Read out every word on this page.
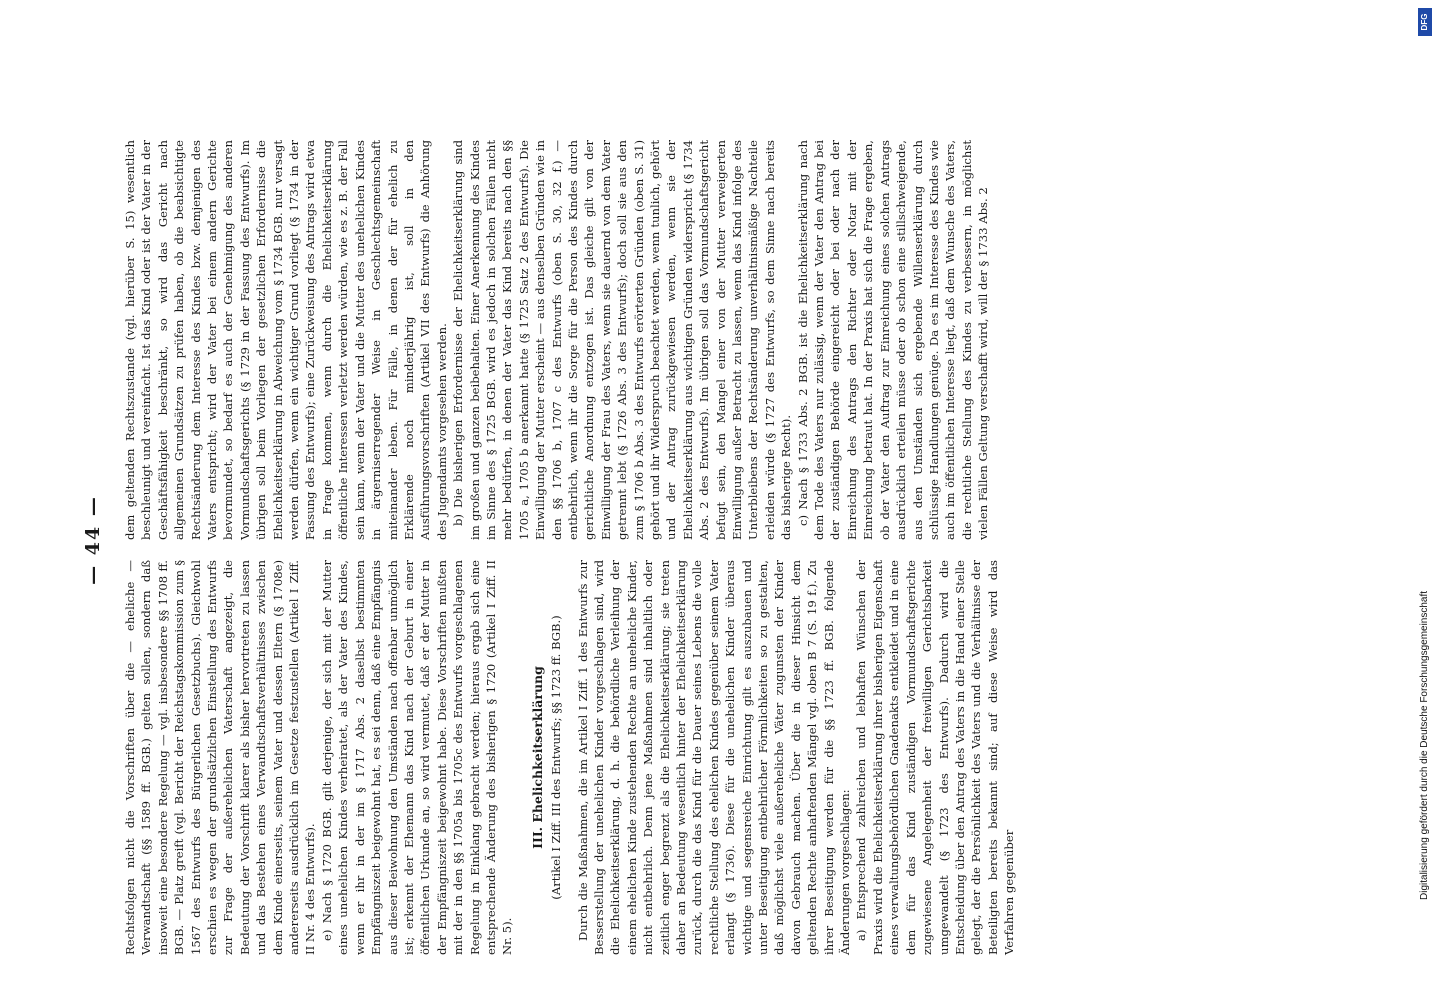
— 44 —

Rechtsfolgen nicht die Vorschriften über die — eheliche — Verwandtschaft (§§ 1589 ff. BGB.) gelten sollen, sondern daß insoweit eine besondere Regelung — vgl. insbesondere §§ 1708 ff. BGB. — Platz greift (vgl. Bericht der Reichstagskommission zum § 1567 des Entwurfs des Bürgerlichen Gesetzbuchs). Gleichwohl erschien es wegen der grundsätzlichen Einstellung des Entwurfs zur Frage der außerehelichen Vaterschaft angezeigt, die Bedeutung der Vorschrift klarer als bisher hervortreten zu lassen und das Bestehen eines Verwandtschaftsverhältnisses zwischen dem Kinde einerseits, seinem Vater und dessen Eltern (§ 1708e) andererseits ausdrücklich im Gesetze festzustellen (Artikel I Ziff. II Nr. 4 des Entwurfs). e) Nach § 1720 BGB. gilt derjenige, der sich mit der Mutter eines unehelichen Kindes verheiratet, als der Vater des Kindes, wenn er ihr in der im § 1717 Abs. 2 daselbst bestimmten Empfängniszeit beigewohnt hat, es sei denn, daß eine Empfängnis aus dieser Beiwohnung den Umständen nach offenbar unmöglich ist; erkennt der Ehemann das Kind nach der Geburt in einer öffentlichen Urkunde an, so wird vermutet, daß er der Mutter in der Empfängniszeit beigewohnt habe. Diese Vorschriften mußten mit der in den §§ 1705a bis 1705c des Entwurfs vorgeschlagenen Regelung in Einklang gebracht werden; hieraus ergab sich eine entsprechende Änderung des bisherigen § 1720 (Artikel I Ziff. II Nr. 5).

III. Ehelichkeitserklärung (Artikel I Ziff. III des Entwurfs; §§ 1723 ff. BGB.) Durch die Maßnahmen, die im Artikel I Ziff. 1 des Entwurfs zur Besserstellung der unehelichen Kinder vorgeschlagen sind, wird die Ehelichkeitserklärung, d. h. die behördliche Verleihung der einem ehelichen Kinde zustehenden Rechte an uneheliche Kinder, nicht entbehrlich. Denn jene Maßnahmen sind inhaltlich oder zeitlich enger begrenzt als die Ehelichkeitserklärung; sie treten daher an Bedeutung wesentlich hinter der Ehelichkeitserklärung zurück, durch die das Kind für die Dauer seines Lebens die volle rechtliche Stellung des ehelichen Kindes gegenüber seinem Vater erlangt (§ 1736). Diese für die unehelichen Kinder überaus wichtige und segensreiche Einrichtung gilt es auszubauen und unter Beseitigung entbehrlicher Förmlichkeiten so zu gestalten, daß möglichst viele außereheliche Väter zugunsten der Kinder davon Gebrauch machen. Über die in dieser Hinsicht dem geltenden Rechte anhaftenden Mängel vgl. oben B 7 (S. 19 f.). Zu ihrer Beseitigung werden für die §§ 1723 ff. BGB. folgende Änderungen vorgeschlagen: a) Entsprechend zahlreichen und lebhaften Wünschen der Praxis wird die Ehelichkeitserklärung ihrer bisherigen Eigenschaft eines verwaltungsbehördlichen Gnadenakts entkleidet und in eine dem für das Kind zuständigen Vormundschaftsgerichte zugewiesene Angelegenheit der freiwilligen Gerichtsbarkeit umgewandelt (§ 1723 des Entwurfs). Dadurch wird die Entscheidung über den Antrag des Vaters in die Hand einer Stelle gelegt, der die Persönlichkeit des Vaters und die Verhältnisse der Beteiligten bereits bekannt sind; auf diese Weise wird das Verfahren gegenüber

dem geltenden Rechtszustande (vgl. hierüber S. 15) wesentlich beschleunigt und vereinfacht. Ist das Kind oder ist der Vater in der Geschäftsfähigkeit beschränkt, so wird das Gericht nach allgemeinen Grundsätzen zu prüfen haben, ob die beabsichtigte Rechtsänderung dem Interesse des Kindes bzw. demjenigen des Vaters entspricht; wird der Vater bei einem andern Gerichte bevormundet, so bedarf es auch der Genehmigung des anderen Vormundschaftsgerichts (§ 1729 in der Fassung des Entwurfs). Im übrigen soll beim Vorliegen der gesetzlichen Erfordernisse die Ehelichkeitserklärung in Abweichung vom § 1734 BGB. nur versagt werden dürfen, wenn ein wichtiger Grund vorliegt (§ 1734 in der Fassung des Entwurfs); eine Zurückweisung des Antrags wird etwa in Frage kommen, wenn durch die Ehelichkeitserklärung öffentliche Interessen verletzt werden würden, wie es z. B. der Fall sein kann, wenn der Vater und die Mutter des unehelichen Kindes in ärgerniserregender Weise in Geschlechtsgemeinschaft miteinander leben. Für Fälle, in denen der für ehelich zu Erklärende noch minderjährig ist, soll in den Ausführungsvorschriften (Artikel VII des Entwurfs) die Anhörung des Jugendamts vorgesehen werden. b) Die bisherigen Erfordernisse der Ehelichkeitserklärung sind im großen und ganzen beibehalten. Einer Anerkennung des Kindes im Sinne des § 1725 BGB. wird es jedoch in solchen Fällen nicht mehr bedürfen, in denen der Vater das Kind bereits nach den §§ 1705 a, 1705 b anerkannt hatte (§ 1725 Satz 2 des Entwurfs). Die Einwilligung der Mutter erscheint — aus denselben Gründen wie in den §§ 1706 b, 1707 c des Entwurfs (oben S. 30, 32 f.) — entbehrlich, wenn ihr die Sorge für die Person des Kindes durch gerichtliche Anordnung entzogen ist. Das gleiche gilt von der Einwilligung der Frau des Vaters, wenn sie dauernd von dem Vater getrennt lebt (§ 1726 Abs. 3 des Entwurfs); doch soll sie aus den zum § 1706 b Abs. 3 des Entwurfs erörterten Gründen (oben S. 31) gehört und ihr Widerspruch beachtet werden, wenn tunlich, gehört und der Antrag zurückgewiesen werden, wenn sie der Ehelichkeitserklärung aus wichtigen Gründen widerspricht (§ 1734 Abs. 2 des Entwurfs). Im übrigen soll das Vormundschaftsgericht befugt sein, den Mangel einer von der Mutter verweigerten Einwilligung außer Betracht zu lassen, wenn das Kind infolge des Unterbleibens der Rechtsänderung unverhältnismäßige Nachteile erleiden würde (§ 1727 des Entwurfs, so dem Sinne nach bereits das bisherige Recht). c) Nach § 1733 Abs. 2 BGB. ist die Ehelichkeitserklärung nach dem Tode des Vaters nur zulässig, wenn der Vater den Antrag bei der zuständigen Behörde eingereicht oder bei oder nach der Einreichung des Antrags den Richter oder Notar mit der Einreichung betraut hat. In der Praxis hat sich die Frage ergeben, ob der Vater den Auftrag zur Einreichung eines solchen Antrags ausdrücklich erteilen müsse oder ob schon eine stillschweigende, aus den Umständen sich ergebende Willenserklärung durch schlüssige Handlungen genüge. Da es im Interesse des Kindes wie auch im öffentlichen Interesse liegt, daß dem Wunsche des Vaters, die rechtliche Stellung des Kindes zu verbessern, in möglichst vielen Fällen Geltung verschafft wird, will der § 1733 Abs. 2

DFG
Digitalisierung gefördert durch die Deutsche Forschungsgemeinschaft
